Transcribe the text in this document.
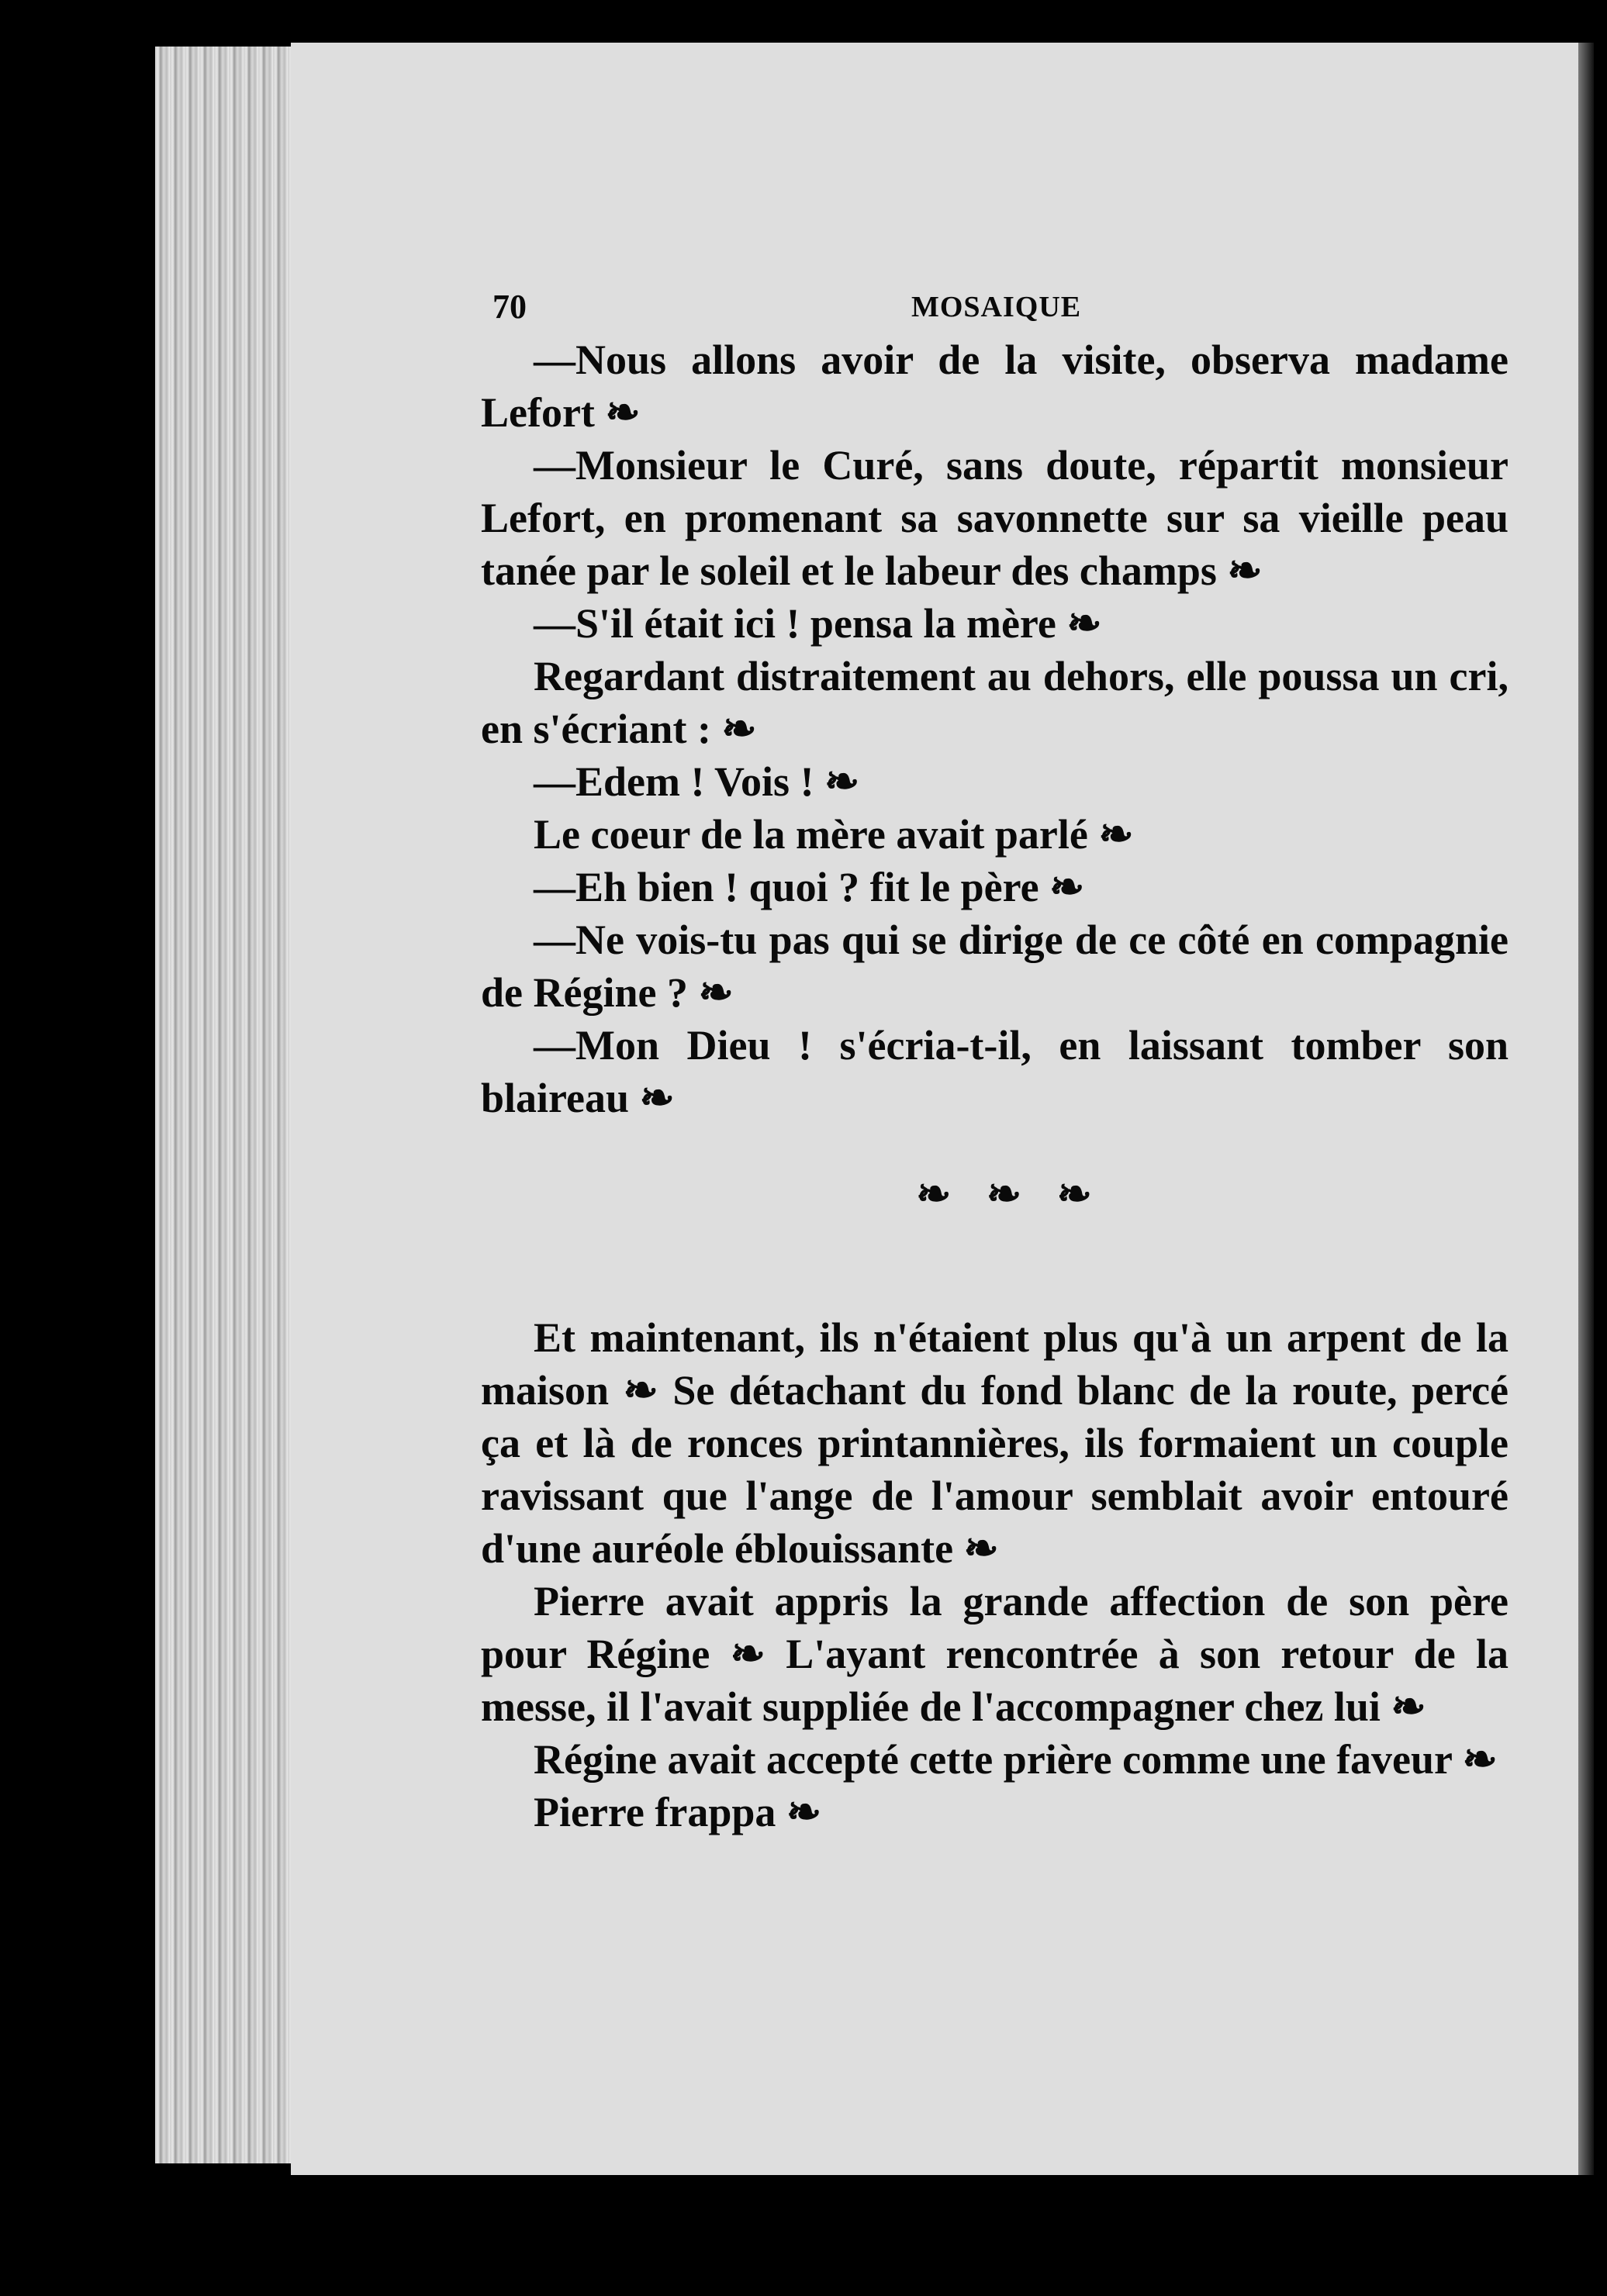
70	MOSAIQUE

—Nous allons avoir de la visite, observa madame Lefort ❧

—Monsieur le Curé, sans doute, répartit monsieur Lefort, en promenant sa savonnette sur sa vieille peau tanée par le soleil et le labeur des champs ❧

—S'il était ici ! pensa la mère ❧

Regardant distraitement au dehors, elle poussa un cri, en s'écriant : ❧

—Edem ! Vois ! ❧

Le coeur de la mère avait parlé ❧

—Eh bien ! quoi ? fit le père ❧

—Ne vois-tu pas qui se dirige de ce côté en compagnie de Régine ? ❧

—Mon Dieu ! s'écria-t-il, en laissant tomber son blaireau ❧

❧ ❧ ❧

Et maintenant, ils n'étaient plus qu'à un arpent de la maison ❧ Se détachant du fond blanc de la route, percé ça et là de ronces printannières, ils formaient un couple ravissant que l'ange de l'amour semblait avoir entouré d'une auréole éblouissante ❧

Pierre avait appris la grande affection de son père pour Régine ❧ L'ayant rencontrée à son retour de la messe, il l'avait suppliée de l'accompagner chez lui ❧

Régine avait accepté cette prière comme une faveur ❧

Pierre frappa ❧
